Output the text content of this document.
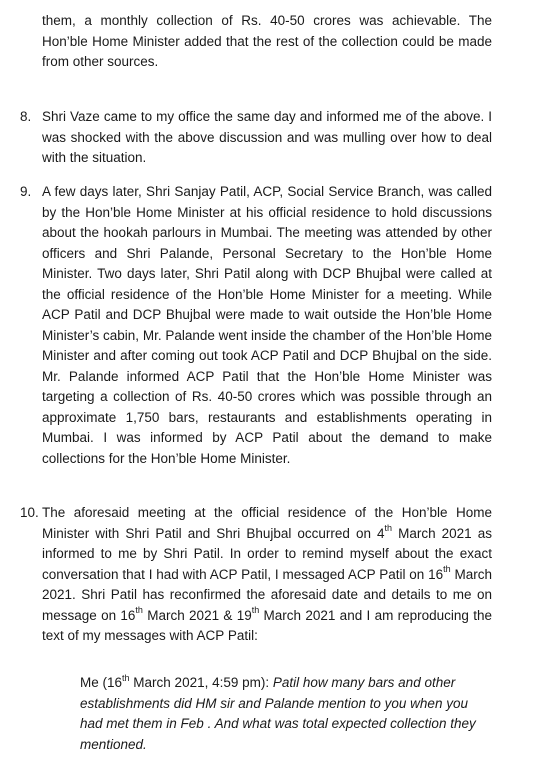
them, a monthly collection of Rs. 40-50 crores was achievable. The Hon’ble Home Minister added that the rest of the collection could be made from other sources.
8. Shri Vaze came to my office the same day and informed me of the above. I was shocked with the above discussion and was mulling over how to deal with the situation.
9. A few days later, Shri Sanjay Patil, ACP, Social Service Branch, was called by the Hon’ble Home Minister at his official residence to hold discussions about the hookah parlours in Mumbai. The meeting was attended by other officers and Shri Palande, Personal Secretary to the Hon’ble Home Minister. Two days later, Shri Patil along with DCP Bhujbal were called at the official residence of the Hon’ble Home Minister for a meeting. While ACP Patil and DCP Bhujbal were made to wait outside the Hon’ble Home Minister’s cabin, Mr. Palande went inside the chamber of the Hon’ble Home Minister and after coming out took ACP Patil and DCP Bhujbal on the side. Mr. Palande informed ACP Patil that the Hon’ble Home Minister was targeting a collection of Rs. 40-50 crores which was possible through an approximate 1,750 bars, restaurants and establishments operating in Mumbai. I was informed by ACP Patil about the demand to make collections for the Hon’ble Home Minister.
10. The aforesaid meeting at the official residence of the Hon’ble Home Minister with Shri Patil and Shri Bhujbal occurred on 4th March 2021 as informed to me by Shri Patil. In order to remind myself about the exact conversation that I had with ACP Patil, I messaged ACP Patil on 16th March 2021. Shri Patil has reconfirmed the aforesaid date and details to me on message on 16th March 2021 & 19th March 2021 and I am reproducing the text of my messages with ACP Patil:
Me (16th March 2021, 4:59 pm): Patil how many bars and other establishments did HM sir and Palande mention to you when you had met them in Feb . And what was total expected collection they mentioned.
